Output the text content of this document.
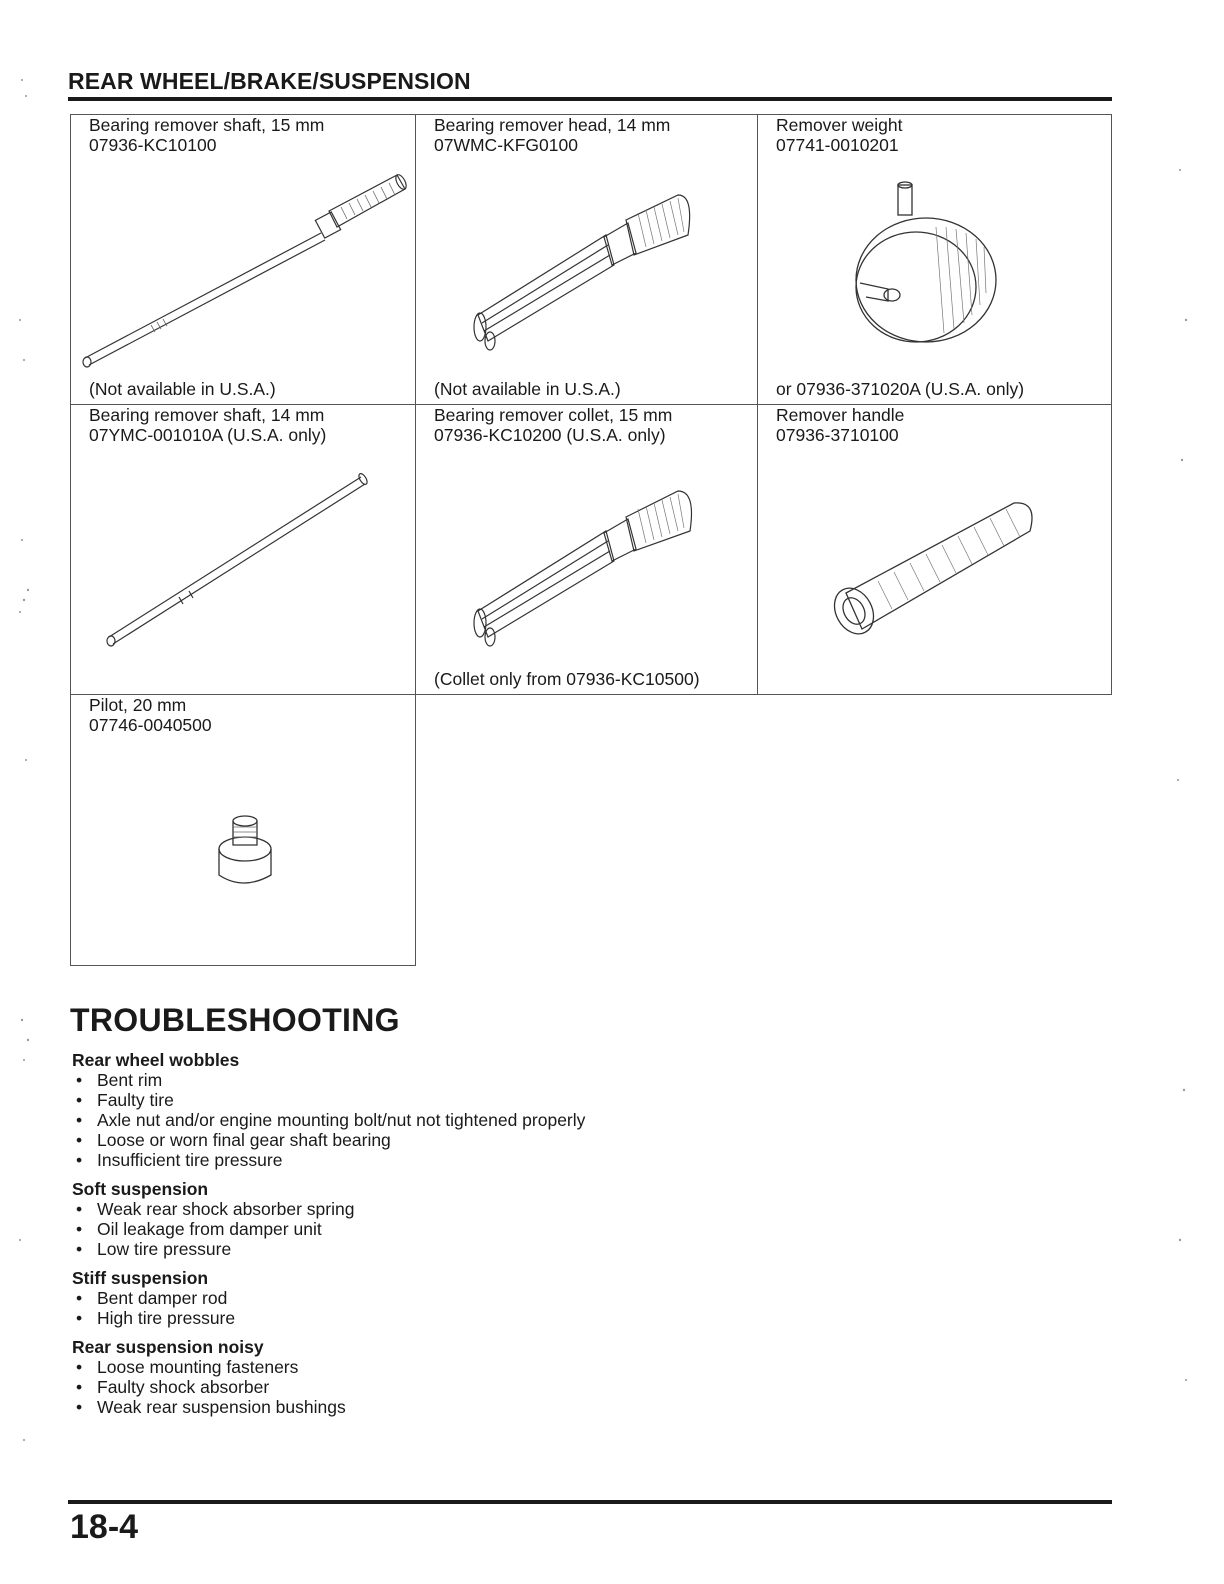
REAR WHEEL/BRAKE/SUSPENSION
Bearing remover shaft, 15 mm
07936-KC10100
(Not available in U.S.A.)
Bearing remover head, 14 mm
07WMC-KFG0100
(Not available in U.S.A.)
Remover weight
07741-0010201
or 07936-371020A (U.S.A. only)
Bearing remover shaft, 14 mm
07YMC-001010A (U.S.A. only)
Bearing remover collet, 15 mm
07936-KC10200 (U.S.A. only)
(Collet only from 07936-KC10500)
Remover handle
07936-3710100
Pilot, 20 mm
07746-0040500
TROUBLESHOOTING
Rear wheel wobbles
• Bent rim
• Faulty tire
• Axle nut and/or engine mounting bolt/nut not tightened properly
• Loose or worn final gear shaft bearing
• Insufficient tire pressure
Soft suspension
• Weak rear shock absorber spring
• Oil leakage from damper unit
• Low tire pressure
Stiff suspension
• Bent damper rod
• High tire pressure
Rear suspension noisy
• Loose mounting fasteners
• Faulty shock absorber
• Weak rear suspension bushings
18-4
